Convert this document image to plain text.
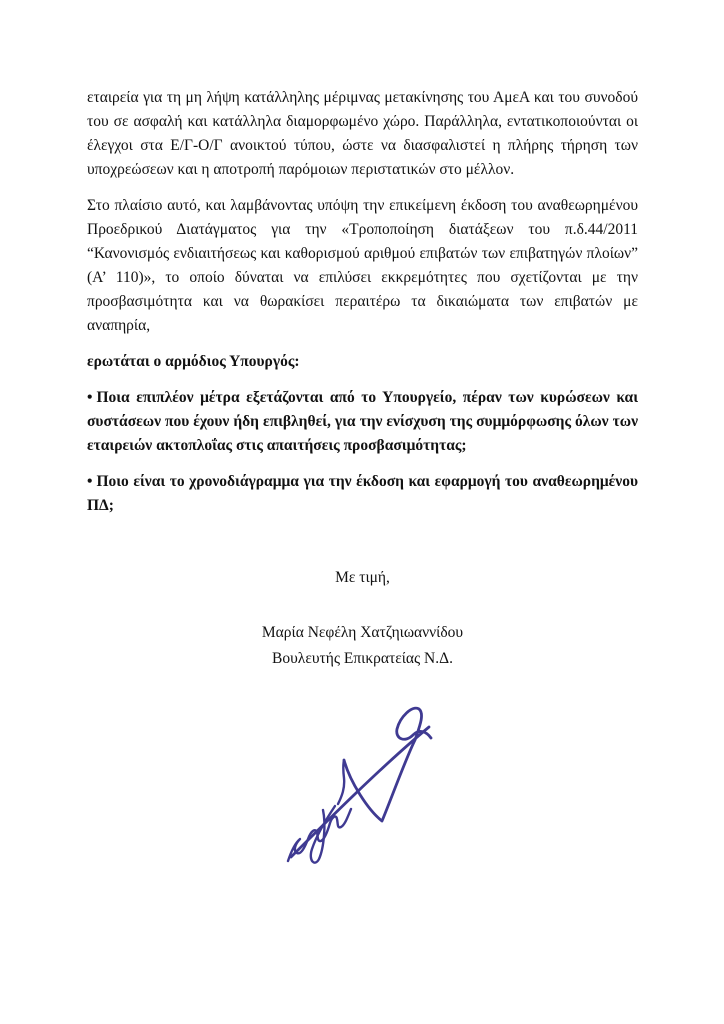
εταιρεία για τη μη λήψη κατάλληλης μέριμνας μετακίνησης του ΑμεΑ και του συνοδού του σε ασφαλή και κατάλληλα διαμορφωμένο χώρο. Παράλληλα, εντατικοποιούνται οι έλεγχοι στα Ε/Γ-Ο/Γ ανοικτού τύπου, ώστε να διασφαλιστεί η πλήρης τήρηση των υποχρεώσεων και η αποτροπή παρόμοιων περιστατικών στο μέλλον.

Στο πλαίσιο αυτό, και λαμβάνοντας υπόψη την επικείμενη έκδοση του αναθεωρημένου Προεδρικού Διατάγματος για την «Τροποποίηση διατάξεων του π.δ.44/2011 “Κανονισμός ενδιαιτήσεως και καθορισμού αριθμού επιβατών των επιβατηγών πλοίων” (Α’ 110)», το οποίο δύναται να επιλύσει εκκρεμότητες που σχετίζονται με την προσβασιμότητα και να θωρακίσει περαιτέρω τα δικαιώματα των επιβατών με αναπηρία,

ερωτάται ο αρμόδιος Υπουργός:

• Ποια επιπλέον μέτρα εξετάζονται από το Υπουργείο, πέραν των κυρώσεων και συστάσεων που έχουν ήδη επιβληθεί, για την ενίσχυση της συμμόρφωσης όλων των εταιρειών ακτοπλοΐας στις απαιτήσεις προσβασιμότητας;

• Ποιο είναι το χρονοδιάγραμμα για την έκδοση και εφαρμογή του αναθεωρημένου ΠΔ;

Με τιμή,
Μαρία Νεφέλη Χατζηιωαννίδου
Βουλευτής Επικρατείας Ν.Δ.
